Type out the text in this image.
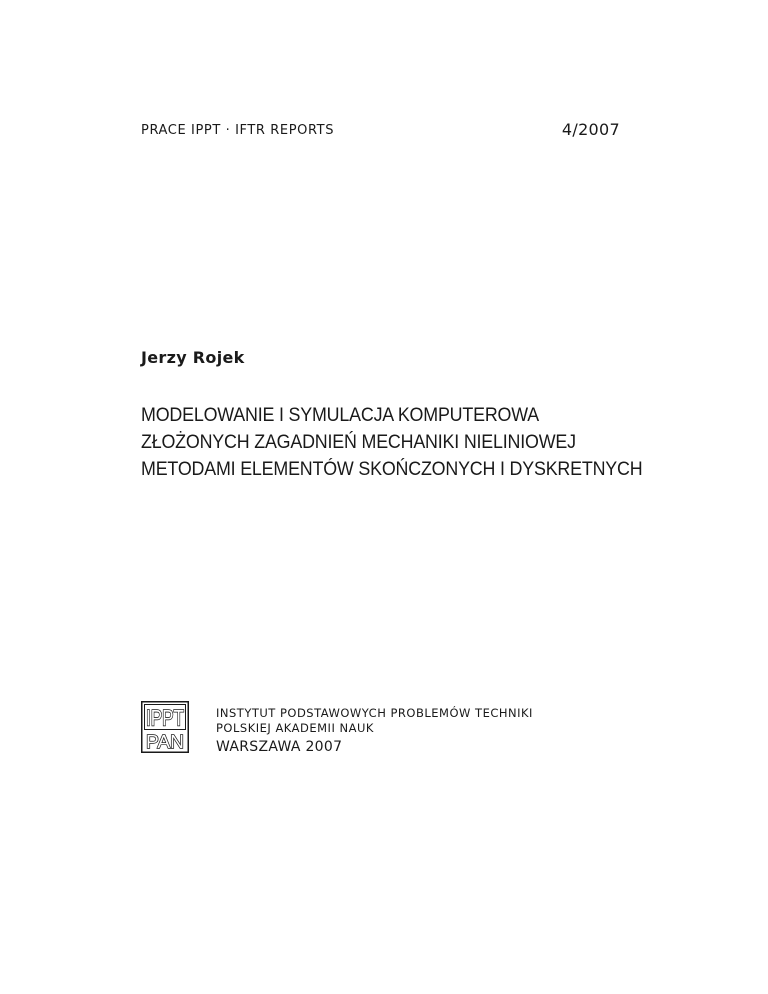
PRACE IPPT · IFTR REPORTS	4/2007
Jerzy Rojek
MODELOWANIE I SYMULACJA KOMPUTEROWA
ZŁOŻONYCH ZAGADNIEŃ MECHANIKI NIELINIOWEJ
METODAMI ELEMENTÓW SKOŃCZONYCH I DYSKRETNYCH
IPPT
PAN
INSTYTUT PODSTAWOWYCH PROBLEMÓW TECHNIKI
POLSKIEJ AKADEMII NAUK
WARSZAWA 2007
